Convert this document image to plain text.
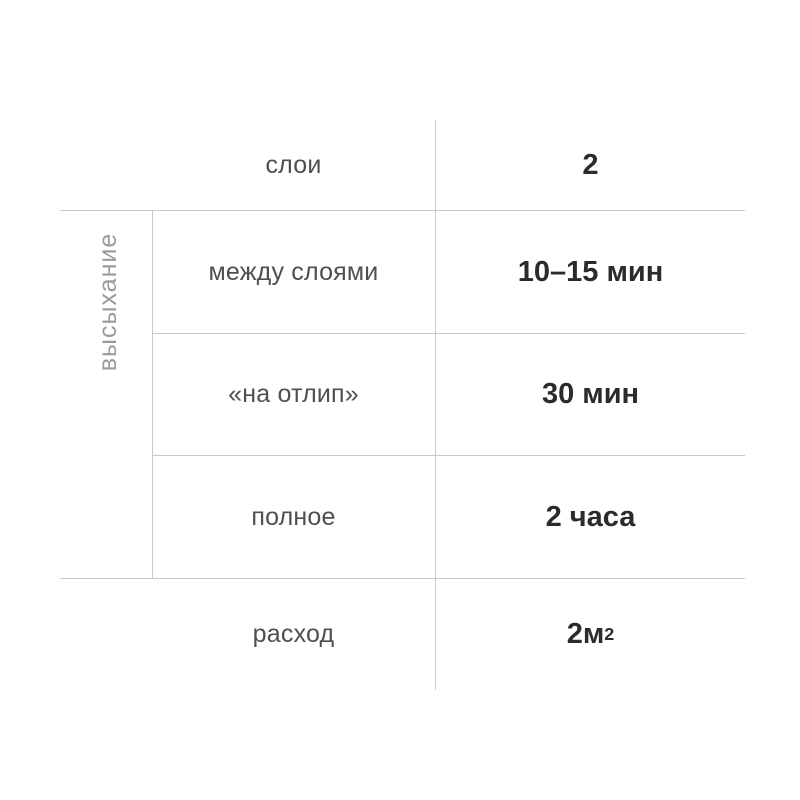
высыхание
слои	2
между слоями	10–15 мин
«на отлип»	30 мин
полное	2 часа
расход	2м 2
